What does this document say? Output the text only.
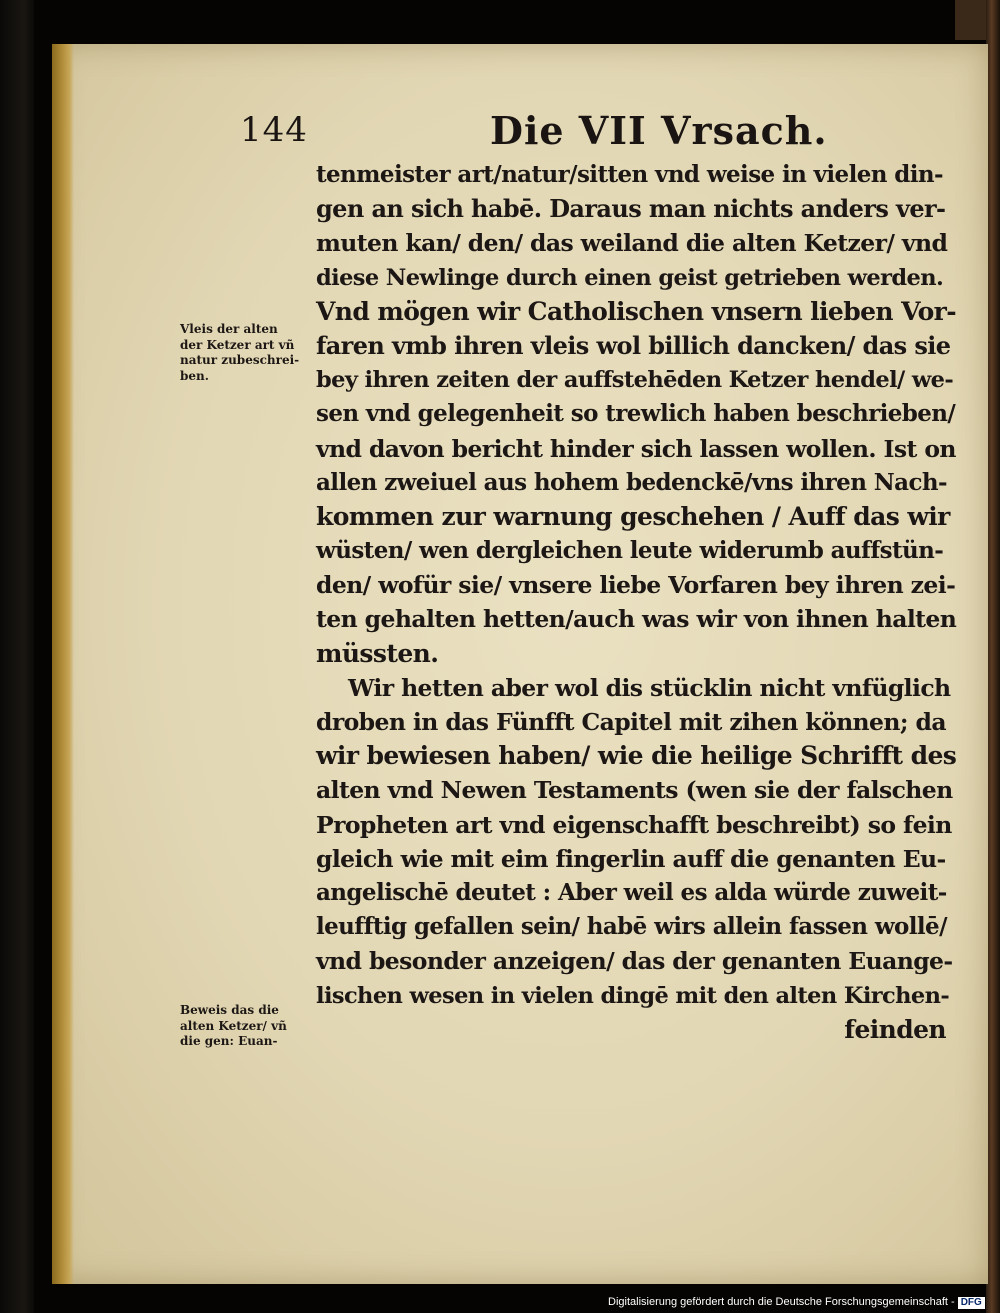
144	Die VII Vrsach.
tenmeister art/natur/sitten vnd weise in vielen din-
gen an sich habē. Daraus man nichts anders ver-
muten kan/ den/ das weiland die alten Ketzer/ vnd
diese Newlinge durch einen geist getrieben werden.
Vnd mögen wir Catholischen vnsern lieben Vor-
faren vmb ihren vleis wol billich dancken/ das sie
bey ihren zeiten der auffstehēden Ketzer hendel/ we-
sen vnd gelegenheit so trewlich haben beschrieben/
vnd davon bericht hinder sich lassen wollen. Ist on
allen zweiuel aus hohem bedenckē/vns ihren Nach-
kommen zur warnung geschehen / Auff das wir
wüsten/ wen dergleichen leute widerumb auffstün-
den/ wofür sie/ vnsere liebe Vorfaren bey ihren zei-
ten gehalten hetten/auch was wir von ihnen halten
müssten.
Wir hetten aber wol dis stücklin nicht vnfüglich
droben in das Fünfft Capitel mit zihen können; da
wir bewiesen haben/ wie die heilige Schrifft des
alten vnd Newen Testaments (wen sie der falschen
Propheten art vnd eigenschafft beschreibt) so fein
gleich wie mit eim fingerlin auff die genanten Eu-
angelischē deutet : Aber weil es alda würde zuweit-
leufftig gefallen sein/ habē wirs allein fassen wollē/
vnd besonder anzeigen/ das der genanten Euange-
lischen wesen in vielen dingē mit den alten Kirchen-
feinden
Vleis der alten
der Ketzer art vñ
natur zubeschrei-
ben.
Beweis das die
alten Ketzer/ vñ
die gen: Euan-
Digitalisierung gefördert durch die Deutsche Forschungsgemeinschaft - DFG
